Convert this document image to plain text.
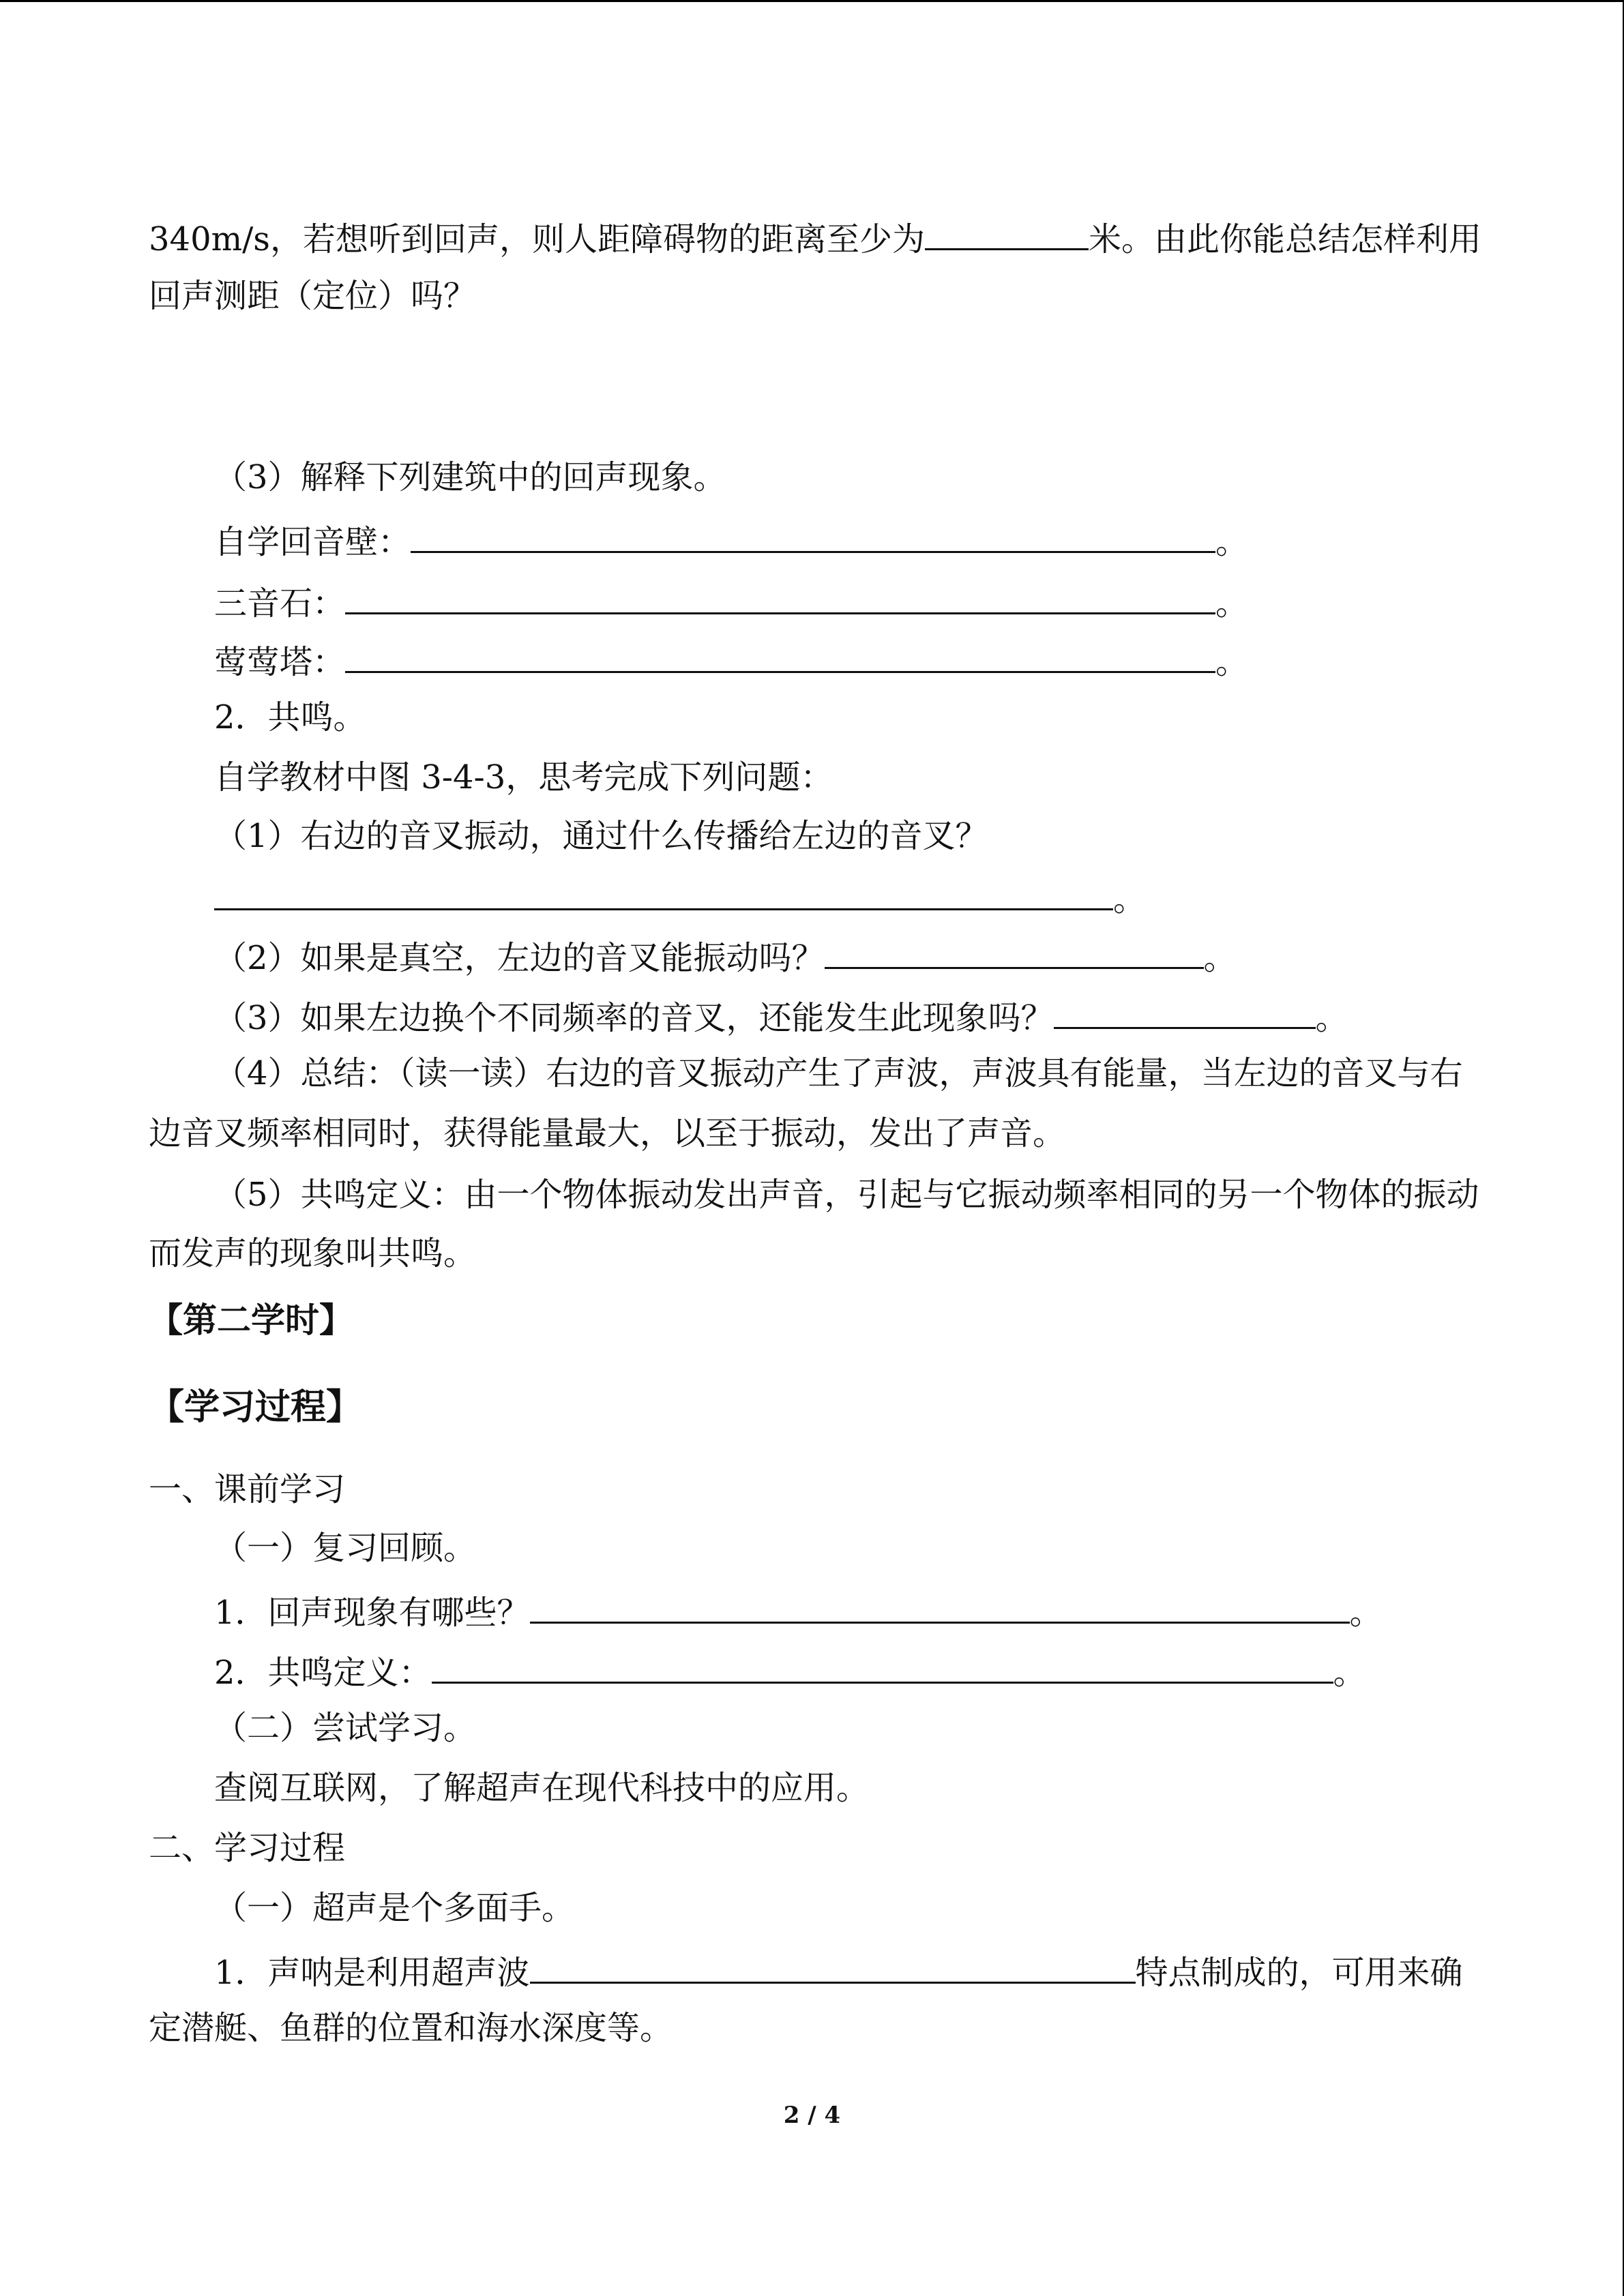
340m/s，若想听到回声，则人距障碍物的距离至少为	米。由此你能总结怎样利用
回声测距（定位）吗？
（3）解释下列建筑中的回声现象。
自学回音壁：	。
三音石：	。
莺莺塔：	。
2．共鸣。
自学教材中图 3-4-3，思考完成下列问题：
（1）右边的音叉振动，通过什么传播给左边的音叉？
。
（2）如果是真空，左边的音叉能振动吗？	。
（3）如果左边换个不同频率的音叉，还能发生此现象吗？	。
（4）总结：（读一读）右边的音叉振动产生了声波，声波具有能量，当左边的音叉与右
边音叉频率相同时，获得能量最大，以至于振动，发出了声音。
（5）共鸣定义：由一个物体振动发出声音，引起与它振动频率相同的另一个物体的振动
而发声的现象叫共鸣。
【第二学时】
【学习过程】
一、课前学习
（一）复习回顾。
1．回声现象有哪些？	。
2．共鸣定义：	。
（二）尝试学习。
查阅互联网，了解超声在现代科技中的应用。
二、学习过程
（一）超声是个多面手。
1．声呐是利用超声波	特点制成的，可用来确
定潜艇、鱼群的位置和海水深度等。
2 / 4
